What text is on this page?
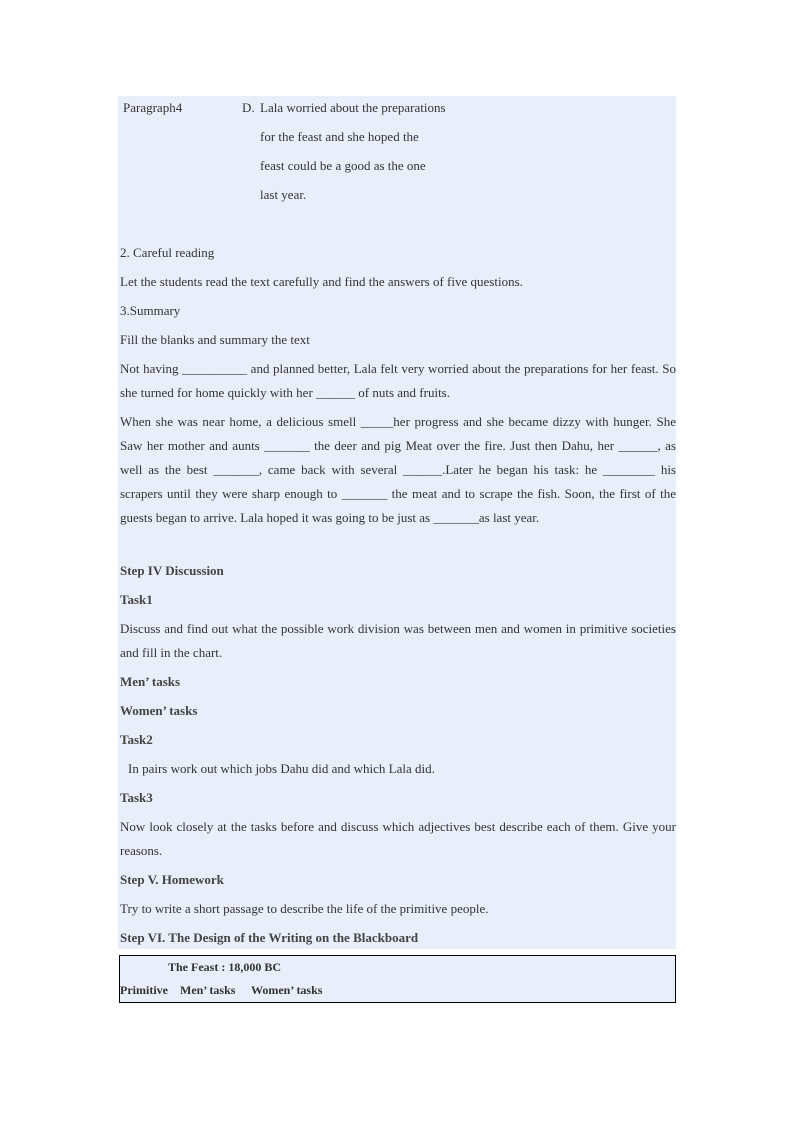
Paragraph4	D. Lala worried about the preparations
for the feast and she hoped the
feast could be a good as the one
last year.
2. Careful reading
Let the students read the text carefully and find the answers of five questions.
3.Summary
Fill the blanks and summary the text
Not having __________ and planned better, Lala felt very worried about the preparations for her feast. So she turned for home quickly with her ______ of nuts and fruits.
When she was near home, a delicious smell _____her progress and she became dizzy with hunger. She Saw her mother and aunts _______ the deer and pig Meat over the fire. Just then Dahu, her ______, as well as the best _______, came back with several ______.Later he began his task: he ________ his scrapers until they were sharp enough to _______ the meat and to scrape the fish. Soon, the first of the guests began to arrive. Lala hoped it was going to be just as _______as last year.
Step IV Discussion
Task1
Discuss and find out what the possible work division was between men and women in primitive societies and fill in the chart.
Men’ tasks
Women’ tasks
Task2
In pairs work out which jobs Dahu did and which Lala did.
Task3
Now look closely at the tasks before and discuss which adjectives best describe each of them. Give your reasons.
Step V. Homework
Try to write a short passage to describe the life of the primitive people.
Step VI. The Design of the Writing on the Blackboard
The Feast : 18,000 BC
Primitive Men’ tasks Women’ tasks
